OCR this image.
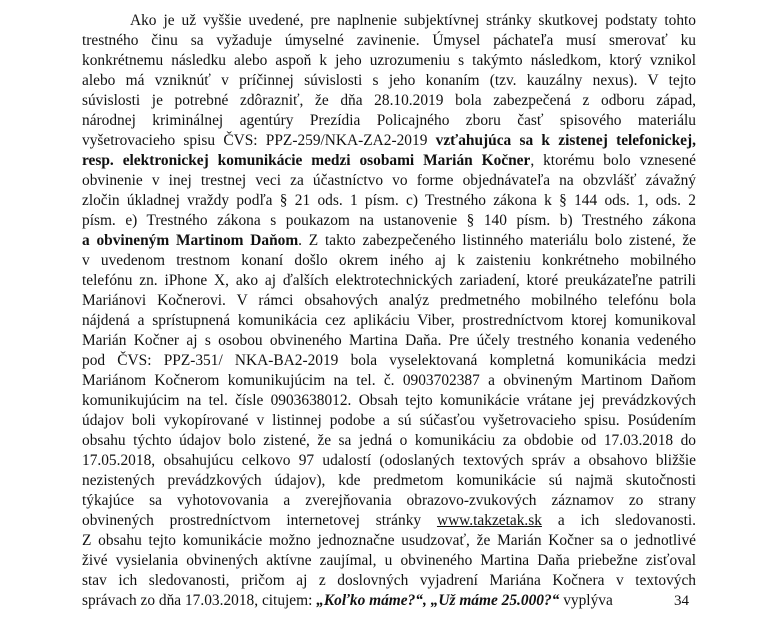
Ako je už vyššie uvedené, pre naplnenie subjektívnej stránky skutkovej podstaty tohto
trestného činu sa vyžaduje úmyselné zavinenie. Úmysel páchateľa musí smerovať ku
konkrétnemu následku alebo aspoň k jeho uzrozumeniu s takýmto následkom, ktorý vznikol
alebo má vzniknúť v príčinnej súvislosti s jeho konaním (tzv. kauzálny nexus). V tejto
súvislosti je potrebné zdôrazniť, že dňa 28.10.2019 bola zabezpečená z odboru západ,
národnej kriminálnej agentúry Prezídia Policajného zboru časť spisového materiálu
vyšetrovacieho spisu ČVS: PPZ-259/NKA-ZA2-2019 vzťahujúca sa k zistenej telefonickej,
resp. elektronickej komunikácie medzi osobami Marián Kočner, ktorému bolo vznesené
obvinenie v inej trestnej veci za účastníctvo vo forme objednávateľa na obzvlášť závažný
zločin úkladnej vraždy podľa § 21 ods. 1 písm. c) Trestného zákona k § 144 ods. 1, ods. 2
písm. e) Trestného zákona s poukazom na ustanovenie § 140 písm. b) Trestného zákona
a obvineným Martinom Daňom. Z takto zabezpečeného listinného materiálu bolo zistené, že
v uvedenom trestnom konaní došlo okrem iného aj k zaisteniu konkrétneho mobilného
telefónu zn. iPhone X, ako aj ďalších elektrotechnických zariadení, ktoré preukázateľne patrili
Mariánovi Kočnerovi. V rámci obsahových analýz predmetného mobilného telefónu bola
nájdená a sprístupnená komunikácia cez aplikáciu Viber, prostredníctvom ktorej komunikoval
Marián Kočner aj s osobou obvineného Martina Daňa. Pre účely trestného konania vedeného
pod ČVS: PPZ-351/ NKA-BA2-2019 bola vyselektovaná kompletná komunikácia medzi
Mariánom Kočnerom komunikujúcim na tel. č. 0903702387 a obvineným Martinom Daňom
komunikujúcim na tel. čísle 0903638012. Obsah tejto komunikácie vrátane jej prevádzkových
údajov boli vykopírované v listinnej podobe a sú súčasťou vyšetrovacieho spisu. Posúdením
obsahu týchto údajov bolo zistené, že sa jedná o komunikáciu za obdobie od 17.03.2018 do
17.05.2018, obsahujúcu celkovo 97 udalostí (odoslaných textových správ a obsahovo bližšie
nezistených prevádzkových údajov), kde predmetom komunikácie sú najmä skutočnosti
týkajúce sa vyhotovovania a zverejňovania obrazovo-zvukových záznamov zo strany
obvinených prostredníctvom internetovej stránky www.takzetak.sk a ich sledovanosti.
Z obsahu tejto komunikácie možno jednoznačne usudzovať, že Marián Kočner sa o jednotlivé
živé vysielania obvinených aktívne zaujímal, u obvineného Martina Daňa priebežne zisťoval
stav ich sledovanosti, pričom aj z doslovných vyjadrení Mariána Kočnera v textových
správach zo dňa 17.03.2018, citujem: „Koľko máme?“, „Už máme 25.000?“ vyplýva	34
